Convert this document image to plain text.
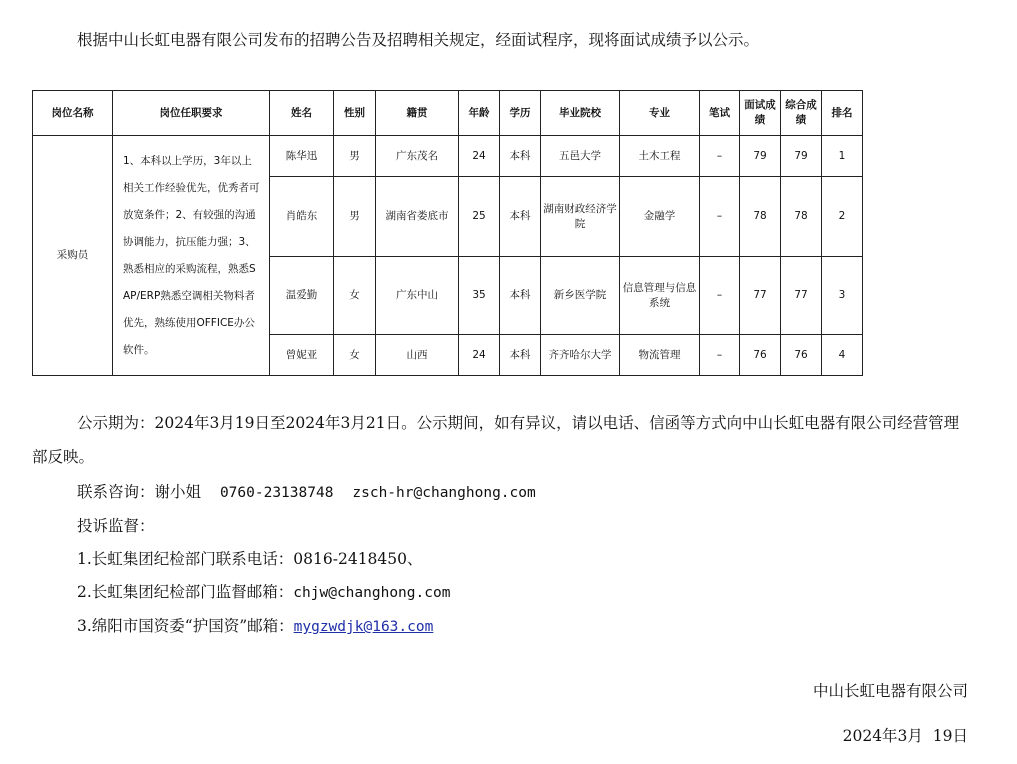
根据中山长虹电器有限公司发布的招聘公告及招聘相关规定，经面试程序，现将面试成绩予以公示。
岗位名称	岗位任职要求	姓名	性别	籍贯	年龄	学历	毕业院校	专业	笔试	面试成绩	综合成绩	排名
采购员	1、本科以上学历，3年以上相关工作经验优先，优秀者可放宽条件；2、有较强的沟通协调能力，抗压能力强；3、熟悉相应的采购流程，熟悉SAP/ERP熟悉空调相关物料者优先，熟练使用OFFICE办公软件。	陈华迅	男	广东茂名	24	本科	五邑大学	土木工程	–	79	79	1
		肖皓东	男	湖南省娄底市	25	本科	湖南财政经济学院	金融学	–	78	78	2
		温爱勤	女	广东中山	35	本科	新乡医学院	信息管理与信息系统	–	77	77	3
		曾妮亚	女	山西	24	本科	齐齐哈尔大学	物流管理	–	76	76	4
公示期为：2024年3月19日至2024年3月21日。公示期间，如有异议，请以电话、信函等方式向中山长虹电器有限公司经营管理部反映。
联系咨询：谢小姐 0760-23138748 zsch-hr@changhong.com
投诉监督：
1.长虹集团纪检部门联系电话：0816-2418450、
2.长虹集团纪检部门监督邮箱：chjw@changhong.com
3.绵阳市国资委“护国资”邮箱：mygzwdjk@163.com
中山长虹电器有限公司
2024年3月  19日
